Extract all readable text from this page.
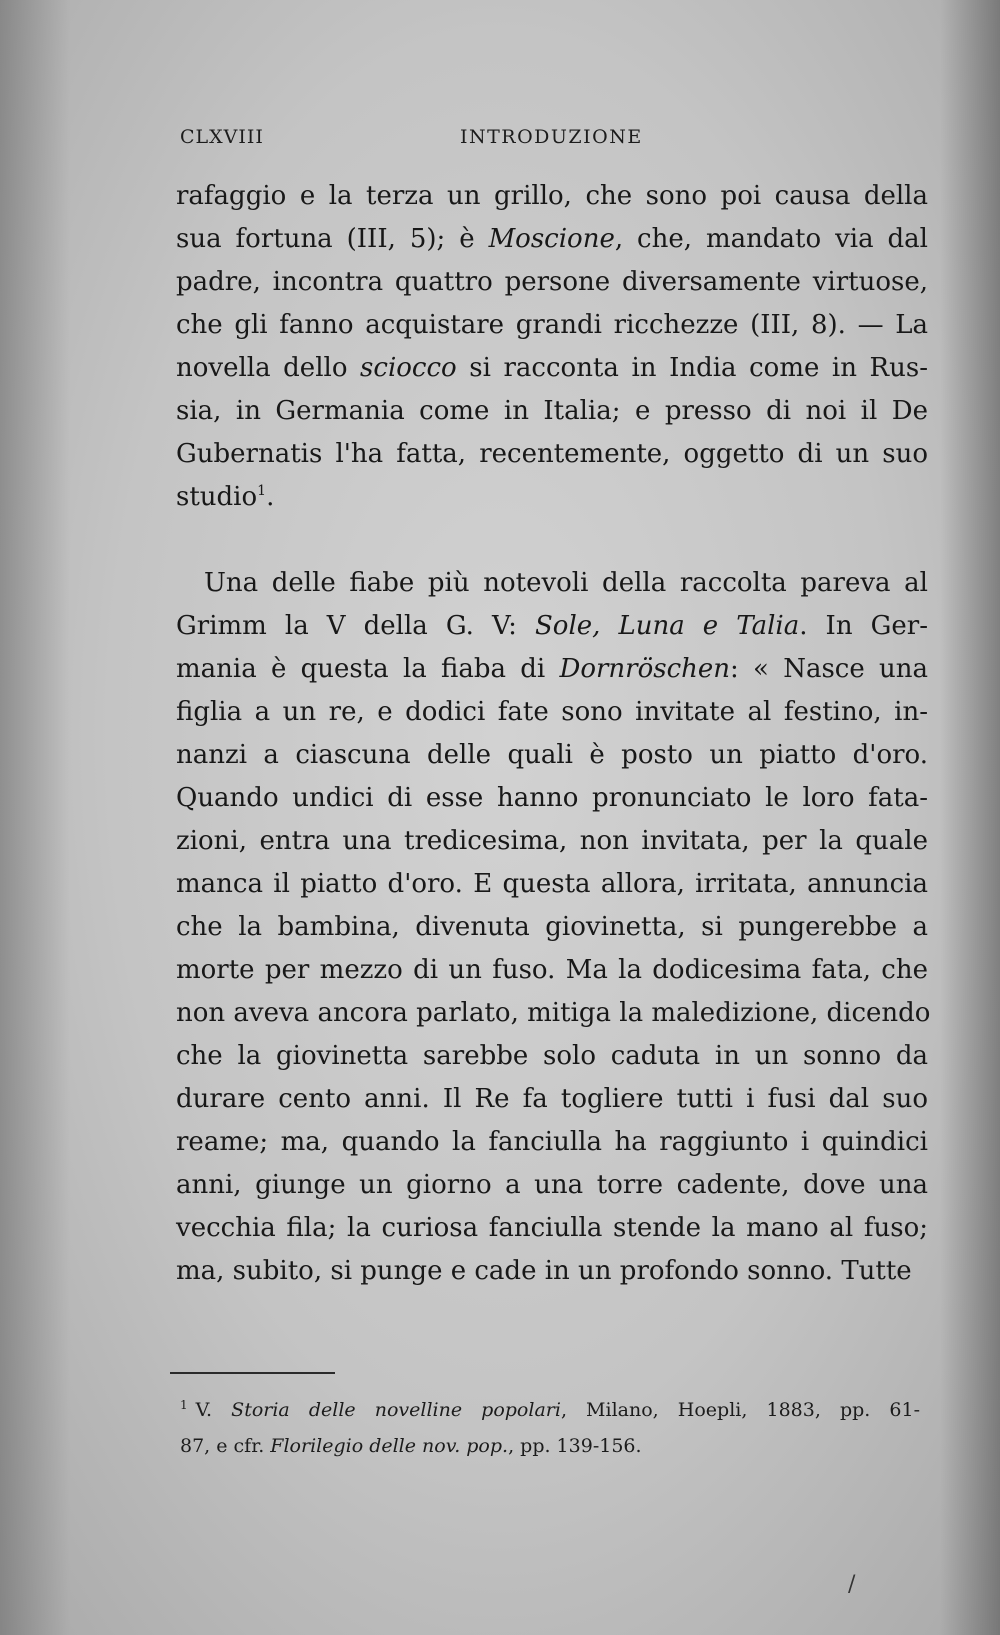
CLXVIII	INTRODUZIONE
rafaggio e la terza un grillo, che sono poi causa della
sua fortuna (III, 5); è Moscione, che, mandato via dal
padre, incontra quattro persone diversamente virtuose,
che gli fanno acquistare grandi ricchezze (III, 8). — La
novella dello sciocco si racconta in India come in Rus-
sia, in Germania come in Italia; e presso di noi il De
Gubernatis l'ha fatta, recentemente, oggetto di un suo
studio$^1$.
Una delle fiabe più notevoli della raccolta pareva al
Grimm la V della G. V: Sole, Luna e Talia. In Ger-
mania è questa la fiaba di Dornröschen: « Nasce una
figlia a un re, e dodici fate sono invitate al festino, in-
nanzi a ciascuna delle quali è posto un piatto d'oro.
Quando undici di esse hanno pronunciato le loro fata-
zioni, entra una tredicesima, non invitata, per la quale
manca il piatto d'oro. E questa allora, irritata, annuncia
che la bambina, divenuta giovinetta, si pungerebbe a
morte per mezzo di un fuso. Ma la dodicesima fata, che
non aveva ancora parlato, mitiga la maledizione, dicendo
che la giovinetta sarebbe solo caduta in un sonno da
durare cento anni. Il Re fa togliere tutti i fusi dal suo
reame; ma, quando la fanciulla ha raggiunto i quindici
anni, giunge un giorno a una torre cadente, dove una
vecchia fila; la curiosa fanciulla stende la mano al fuso;
ma, subito, si punge e cade in un profondo sonno. Tutte
$^1$ V. Storia delle novelline popolari, Milano, Hoepli, 1883, pp. 61-
87, e cfr. Florilegio delle nov. pop., pp. 139-156.
/
